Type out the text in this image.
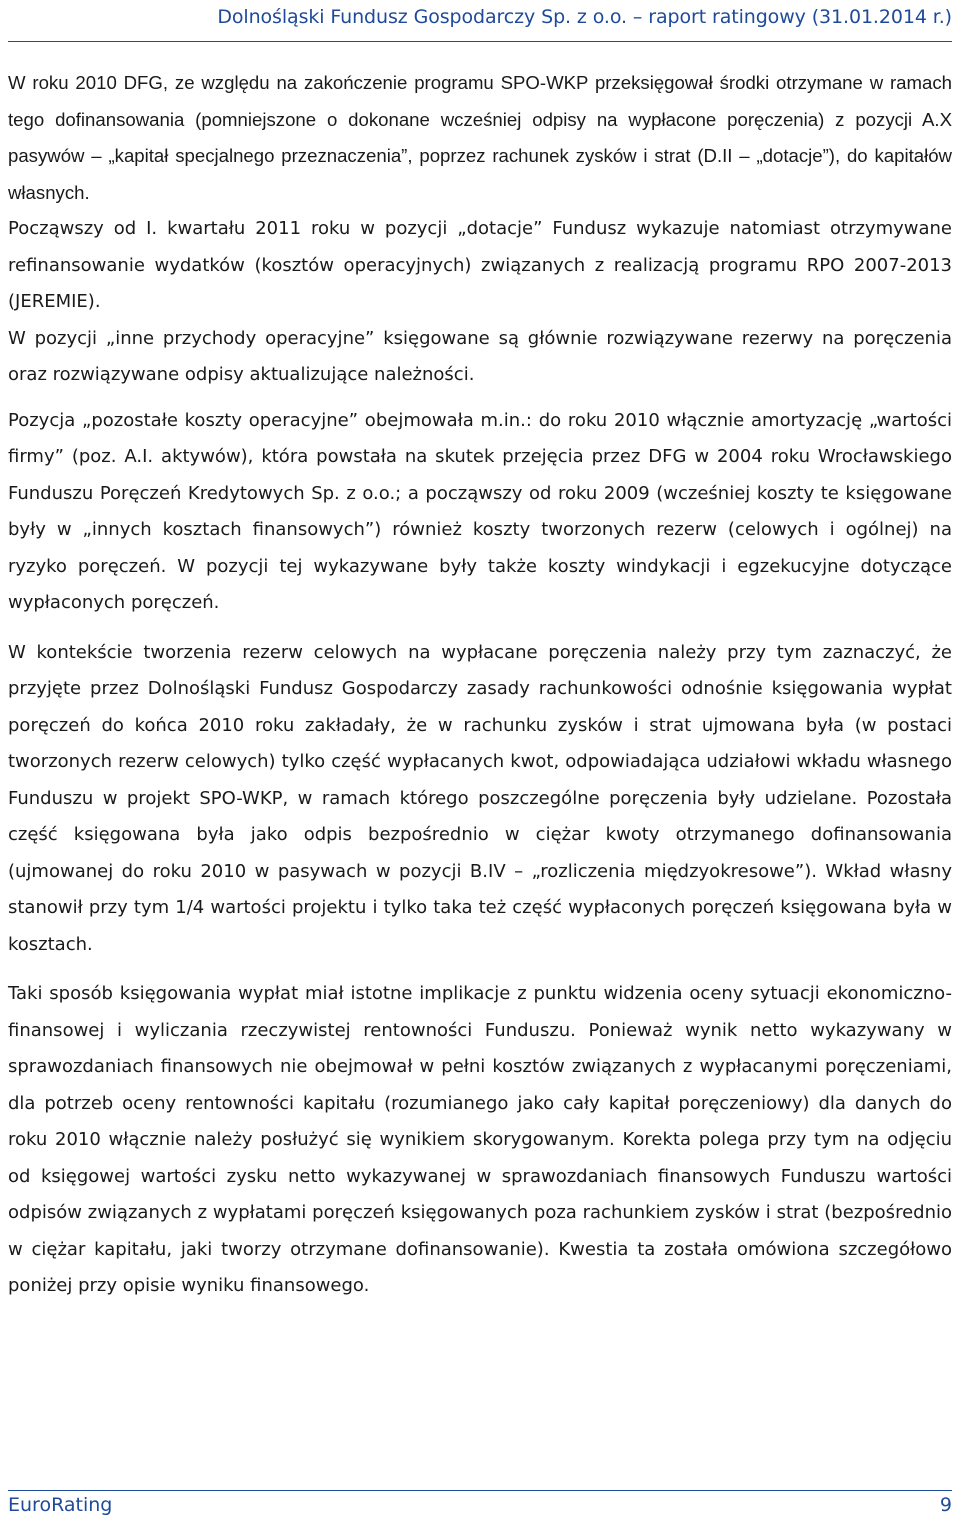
Dolnośląski Fundusz Gospodarczy Sp. z o.o. – raport ratingowy (31.01.2014 r.)

W roku 2010 DFG, ze względu na zakończenie programu SPO-WKP przeksięgował środki otrzymane w ramach tego dofinansowania (pomniejszone o dokonane wcześniej odpisy na wypłacone poręczenia) z pozycji A.X pasywów – „kapitał specjalnego przeznaczenia”, poprzez rachunek zysków i strat (D.II – „dotacje”), do kapitałów własnych.

Począwszy od I. kwartału 2011 roku w pozycji „dotacje” Fundusz wykazuje natomiast otrzymywane refinansowanie wydatków (kosztów operacyjnych) związanych z realizacją programu RPO 2007-2013 (JEREMIE).

W pozycji „inne przychody operacyjne” księgowane są głównie rozwiązywane rezerwy na poręczenia oraz rozwiązywane odpisy aktualizujące należności.

Pozycja „pozostałe koszty operacyjne” obejmowała m.in.: do roku 2010 włącznie amortyzację „wartości firmy” (poz. A.I. aktywów), która powstała na skutek przejęcia przez DFG w 2004 roku Wrocławskiego Funduszu Poręczeń Kredytowych Sp. z o.o.; a począwszy od roku 2009 (wcześniej koszty te księgowane były w „innych kosztach finansowych”) również koszty tworzonych rezerw (celowych i ogólnej) na ryzyko poręczeń. W pozycji tej wykazywane były także koszty windykacji i egzekucyjne dotyczące wypłaconych poręczeń.

W kontekście tworzenia rezerw celowych na wypłacane poręczenia należy przy tym zaznaczyć, że przyjęte przez Dolnośląski Fundusz Gospodarczy zasady rachunkowości odnośnie księgowania wypłat poręczeń do końca 2010 roku zakładały, że w rachunku zysków i strat ujmowana była (w postaci tworzonych rezerw celowych) tylko część wypłacanych kwot, odpowiadająca udziałowi wkładu własnego Funduszu w projekt SPO-WKP, w ramach którego poszczególne poręczenia były udzielane. Pozostała część księgowana była jako odpis bezpośrednio w ciężar kwoty otrzymanego dofinansowania (ujmowanej do roku 2010 w pasywach w pozycji B.IV – „rozliczenia międzyokresowe”). Wkład własny stanowił przy tym 1/4 wartości projektu i tylko taka też część wypłaconych poręczeń księgowana była w kosztach.

Taki sposób księgowania wypłat miał istotne implikacje z punktu widzenia oceny sytuacji ekonomiczno-finansowej i wyliczania rzeczywistej rentowności Funduszu. Ponieważ wynik netto wykazywany w sprawozdaniach finansowych nie obejmował w pełni kosztów związanych z wypłacanymi poręczeniami, dla potrzeb oceny rentowności kapitału (rozumianego jako cały kapitał poręczeniowy) dla danych do roku 2010 włącznie należy posłużyć się wynikiem skorygowanym. Korekta polega przy tym na odjęciu od księgowej wartości zysku netto wykazywanej w sprawozdaniach finansowych Funduszu wartości odpisów związanych z wypłatami poręczeń księgowanych poza rachunkiem zysków i strat (bezpośrednio w ciężar kapitału, jaki tworzy otrzymane dofinansowanie). Kwestia ta została omówiona szczegółowo poniżej przy opisie wyniku finansowego.

EuroRating	9
